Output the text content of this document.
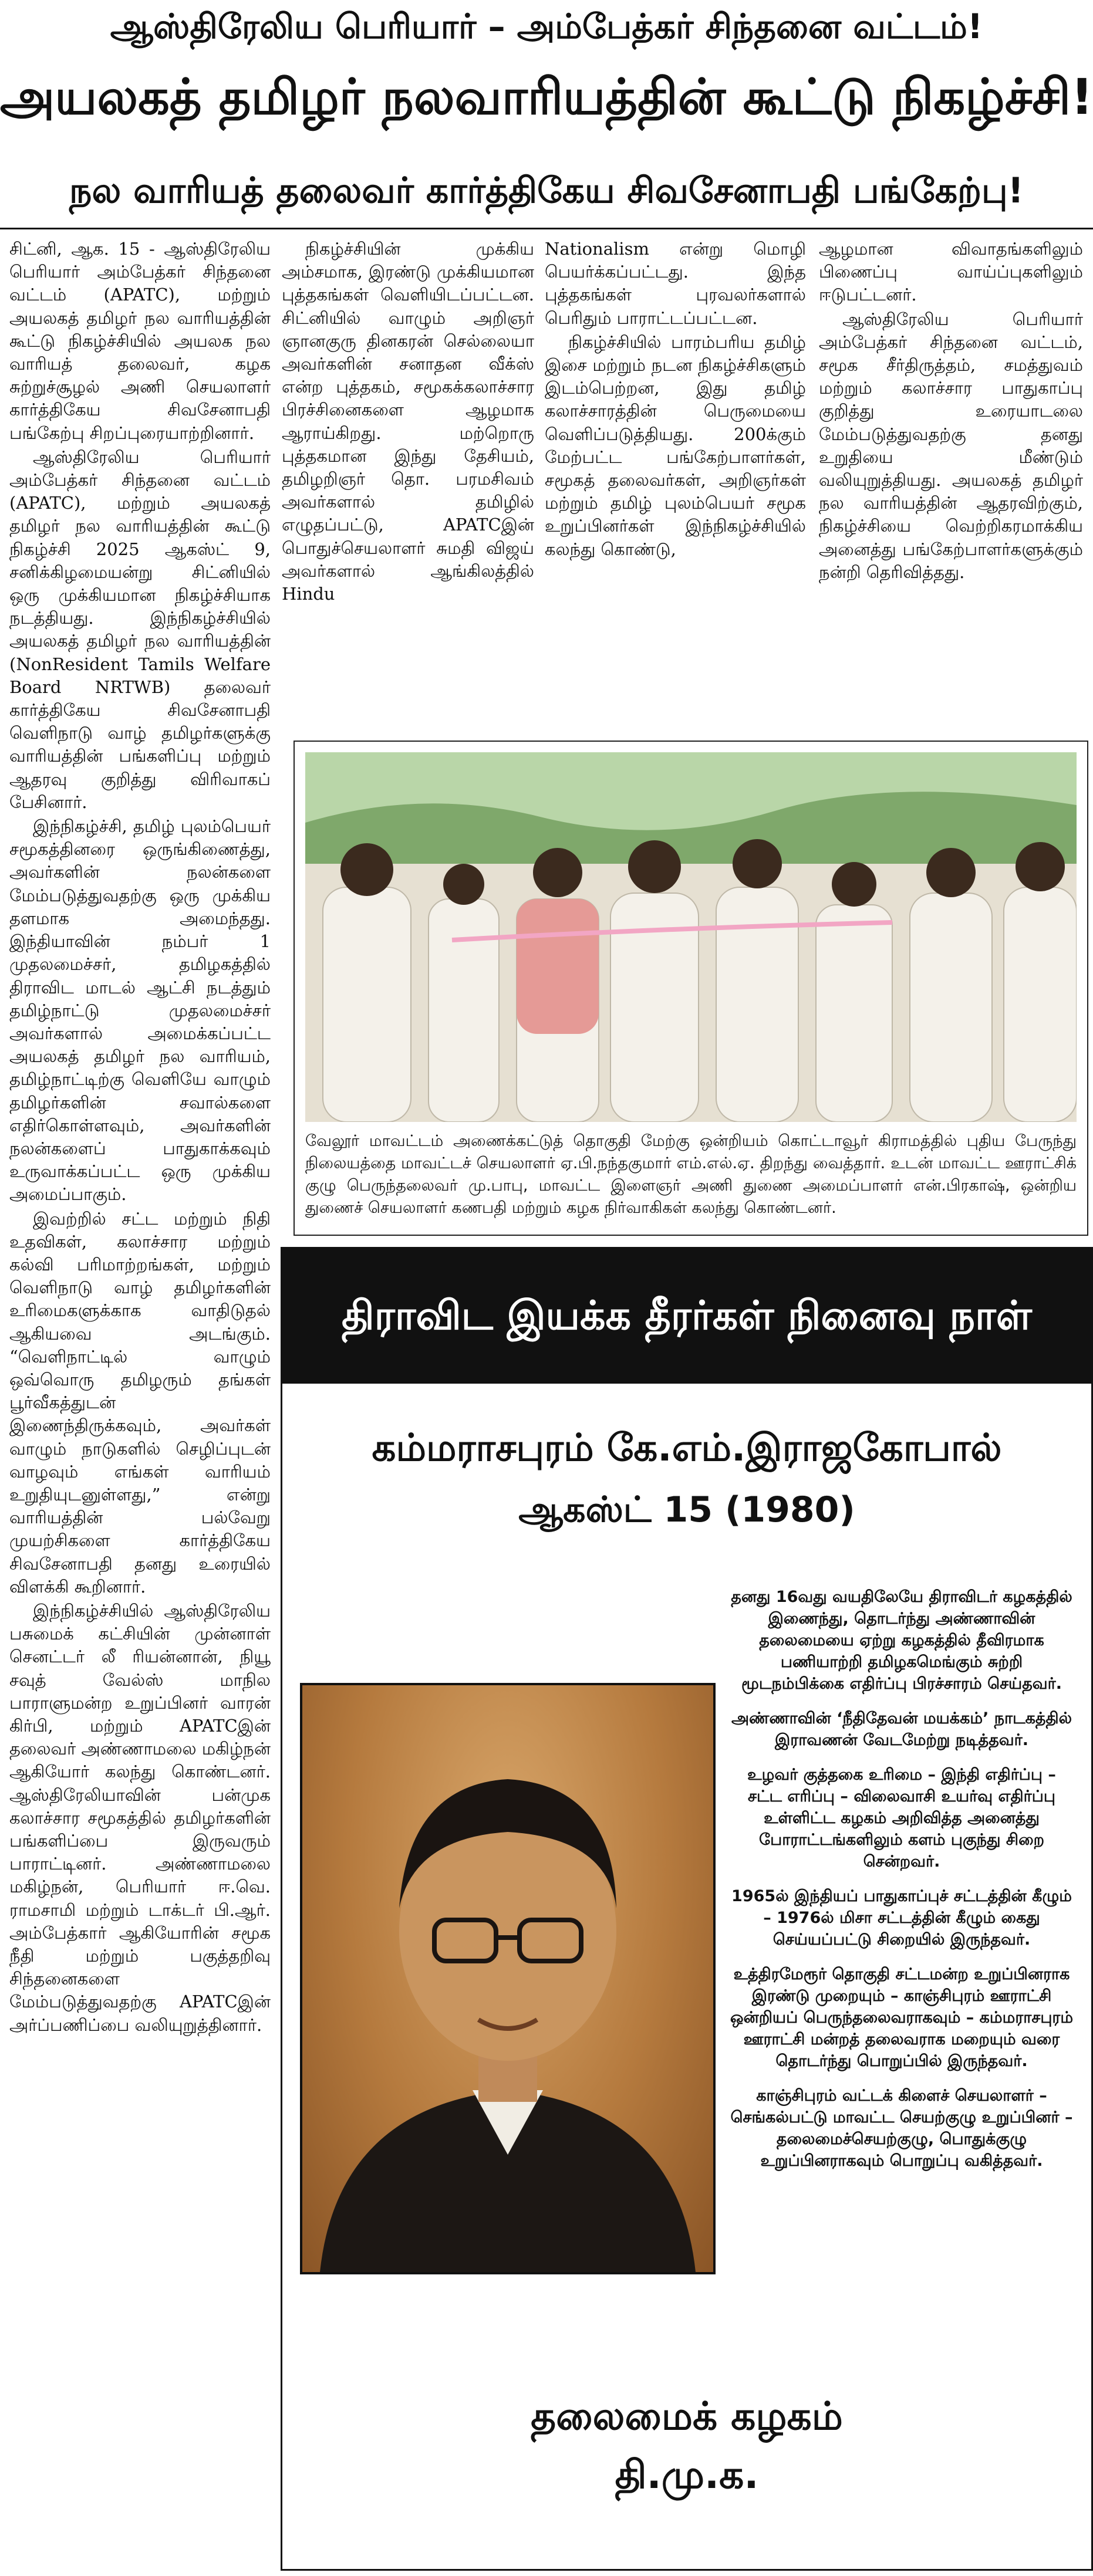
ஆஸ்திரேலிய பெரியார் – அம்பேத்கர் சிந்தனை வட்டம்!
அயலகத் தமிழர் நலவாரியத்தின் கூட்டு நிகழ்ச்சி!
நல வாரியத் தலைவர் கார்த்திகேய சிவசேனாபதி பங்கேற்பு!

சிட்னி, ஆக. 15 - ஆஸ்திரேலிய பெரியார் அம்பேத்கர் சிந்தனை வட்டம் (APATC), மற்றும் அயலகத் தமிழர் நல வாரியத்தின் கூட்டு நிகழ்ச்சியில் அயலக நல வாரியத் தலைவர், கழக சுற்றுச்சூழல் அணி செயலாளர் கார்த்திகேய சிவசேனாபதி பங்கேற்பு சிறப்புரையாற்றினார்.

ஆஸ்திரேலிய பெரியார் அம்பேத்கர் சிந்தனை வட்டம் (APATC), மற்றும் அயலகத் தமிழர் நல வாரியத்தின் கூட்டு நிகழ்ச்சி 2025 ஆகஸ்ட் 9, சனிக்கிழமையன்று சிட்னியில் ஒரு முக்கியமான நிகழ்ச்சியாக நடத்தியது. இந்நிகழ்ச்சியில் அயலகத் தமிழர் நல வாரியத்தின் (NonResident Tamils Welfare Board NRTWB) தலைவர் கார்த்திகேய சிவசேனாபதி வெளிநாடு வாழ் தமிழர்களுக்கு வாரியத்தின் பங்களிப்பு மற்றும் ஆதரவு குறித்து விரிவாகப் பேசினார்.

இந்நிகழ்ச்சி, தமிழ் புலம்பெயர் சமூகத்தினரை ஒருங்கிணைத்து, அவர்களின் நலன்களை மேம்படுத்துவதற்கு ஒரு முக்கிய தளமாக அமைந்தது. இந்தியாவின் நம்பர் 1 முதலமைச்சர், தமிழகத்தில் திராவிட மாடல் ஆட்சி நடத்தும் தமிழ்நாட்டு முதலமைச்சர் அவர்களால் அமைக்கப்பட்ட அயலகத் தமிழர் நல வாரியம், தமிழ்நாட்டிற்கு வெளியே வாழும் தமிழர்களின் சவால்களை எதிர்கொள்ளவும், அவர்களின் நலன்களைப் பாதுகாக்கவும் உருவாக்கப்பட்ட ஒரு முக்கிய அமைப்பாகும்.

இவற்றில் சட்ட மற்றும் நிதி உதவிகள், கலாச்சார மற்றும் கல்வி பரிமாற்றங்கள், மற்றும் வெளிநாடு வாழ் தமிழர்களின் உரிமைகளுக்காக வாதிடுதல் ஆகியவை அடங்கும். “வெளிநாட்டில் வாழும் ஒவ்வொரு தமிழரும் தங்கள் பூர்வீகத்துடன் இணைந்திருக்கவும், அவர்கள் வாழும் நாடுகளில் செழிப்புடன் வாழவும் எங்கள் வாரியம் உறுதியுடனுள்ளது,” என்று வாரியத்தின் பல்வேறு முயற்சிகளை கார்த்திகேய சிவசேனாபதி தனது உரையில் விளக்கி கூறினார்.

இந்நிகழ்ச்சியில் ஆஸ்திரேலிய பசுமைக் கட்சியின் முன்னாள் செனட்டர் லீ ரியன்னான், நியூ சவுத் வேல்ஸ் மாநில பாராளுமன்ற உறுப்பினர் வாரன் கிர்பி, மற்றும் APATCஇன் தலைவர் அண்ணாமலை மகிழ்நன் ஆகியோர் கலந்து கொண்டனர். ஆஸ்திரேலியாவின் பன்முக கலாச்சார சமூகத்தில் தமிழர்களின் பங்களிப்பை இருவரும் பாராட்டினர். அண்ணாமலை மகிழ்நன், பெரியார் ஈ.வெ. ராமசாமி மற்றும் டாக்டர் பி.ஆர். அம்பேத்கார் ஆகியோரின் சமூக நீதி மற்றும் பகுத்தறிவு சிந்தனைகளை மேம்படுத்துவதற்கு APATCஇன் அர்ப்பணிப்பை வலியுறுத்தினார்.

நிகழ்ச்சியின் முக்கிய அம்சமாக, இரண்டு முக்கியமான புத்தகங்கள் வெளியிடப்பட்டன. சிட்னியில் வாழும் அறிஞர் ஞானகுரு தினகரன் செல்லையா அவர்களின் சனாதன வீக்ஸ் என்ற புத்தகம், சமூகக்கலாச்சார பிரச்சினைகளை ஆழமாக ஆராய்கிறது. மற்றொரு புத்தகமான இந்து தேசியம், தமிழறிஞர் தொ. பரமசிவம் அவர்களால் தமிழில் எழுதப்பட்டு, APATCஇன் பொதுச்செயலாளர் சுமதி விஜய் அவர்களால் ஆங்கிலத்தில் Hindu

Nationalism என்று மொழி பெயர்க்கப்பட்டது. இந்த புத்தகங்கள் புரவலர்களால் பெரிதும் பாராட்டப்பட்டன.

நிகழ்ச்சியில் பாரம்பரிய தமிழ் இசை மற்றும் நடன நிகழ்ச்சிகளும் இடம்பெற்றன, இது தமிழ் கலாச்சாரத்தின் பெருமையை வெளிப்படுத்தியது. 200க்கும் மேற்பட்ட பங்கேற்பாளர்கள், சமூகத் தலைவர்கள், அறிஞர்கள் மற்றும் தமிழ் புலம்பெயர் சமூக உறுப்பினர்கள் இந்நிகழ்ச்சியில் கலந்து கொண்டு,

ஆழமான விவாதங்களிலும் பிணைப்பு வாய்ப்புகளிலும் ஈடுபட்டனர்.

ஆஸ்திரேலிய பெரியார் அம்பேத்கர் சிந்தனை வட்டம், சமூக சீர்திருத்தம், சமத்துவம் மற்றும் கலாச்சார பாதுகாப்பு குறித்து உரையாடலை மேம்படுத்துவதற்கு தனது உறுதியை மீண்டும் வலியுறுத்தியது. அயலகத் தமிழர் நல வாரியத்தின் ஆதரவிற்கும், நிகழ்ச்சியை வெற்றிகரமாக்கிய அனைத்து பங்கேற்பாளர்களுக்கும் நன்றி தெரிவித்தது.

வேலூர் மாவட்டம் அணைக்கட்டுத் தொகுதி மேற்கு ஒன்றியம் கொட்டாவூர் கிராமத்தில் புதிய பேருந்து நிலையத்தை மாவட்டச் செயலாளர் ஏ.பி.நந்தகுமார் எம்.எல்.ஏ. திறந்து வைத்தார். உடன் மாவட்ட ஊராட்சிக் குழு பெருந்தலைவர் மு.பாபு, மாவட்ட இளைஞர் அணி துணை அமைப்பாளர் என்.பிரகாஷ், ஒன்றிய துணைச் செயலாளர் கணபதி மற்றும் கழக நிர்வாகிகள் கலந்து கொண்டனர்.
திராவிட இயக்க தீரர்கள் நினைவு நாள்
கம்மராசபுரம் கே.எம்.இராஜகோபால்
ஆகஸ்ட் 15 (1980)

தனது 16வது வயதிலேயே திராவிடர் கழகத்தில் இணைந்து, தொடர்ந்து அண்ணாவின் தலைமையை ஏற்று கழகத்தில் தீவிரமாக பணியாற்றி தமிழகமெங்கும் சுற்றி மூடநம்பிக்கை எதிர்ப்பு பிரச்சாரம் செய்தவர்.

அண்ணாவின் ‘நீதிதேவன் மயக்கம்’ நாடகத்தில் இராவணன் வேடமேற்று நடித்தவர்.

உழவர் குத்தகை உரிமை – இந்தி எதிர்ப்பு – சட்ட எரிப்பு – விலைவாசி உயர்வு எதிர்ப்பு உள்ளிட்ட கழகம் அறிவித்த அனைத்து போராட்டங்களிலும் களம் புகுந்து சிறை சென்றவர்.

1965ல் இந்தியப் பாதுகாப்புச் சட்டத்தின் கீழும் – 1976ல் மிசா சட்டத்தின் கீழும் கைது செய்யப்பட்டு சிறையில் இருந்தவர்.

உத்திரமேரூர் தொகுதி சட்டமன்ற உறுப்பினராக இரண்டு முறையும் – காஞ்சிபுரம் ஊராட்சி ஒன்றியப் பெருந்தலைவராகவும் – கம்மராசபுரம் ஊராட்சி மன்றத் தலைவராக மறையும் வரை தொடர்ந்து பொறுப்பில் இருந்தவர்.

காஞ்சிபுரம் வட்டக் கிளைச் செயலாளர் – செங்கல்பட்டு மாவட்ட செயற்குழு உறுப்பினர் – தலைமைச்செயற்குழு, பொதுக்குழு உறுப்பினராகவும் பொறுப்பு வகித்தவர்.

தலைமைக் கழகம்
தி.மு.க.
